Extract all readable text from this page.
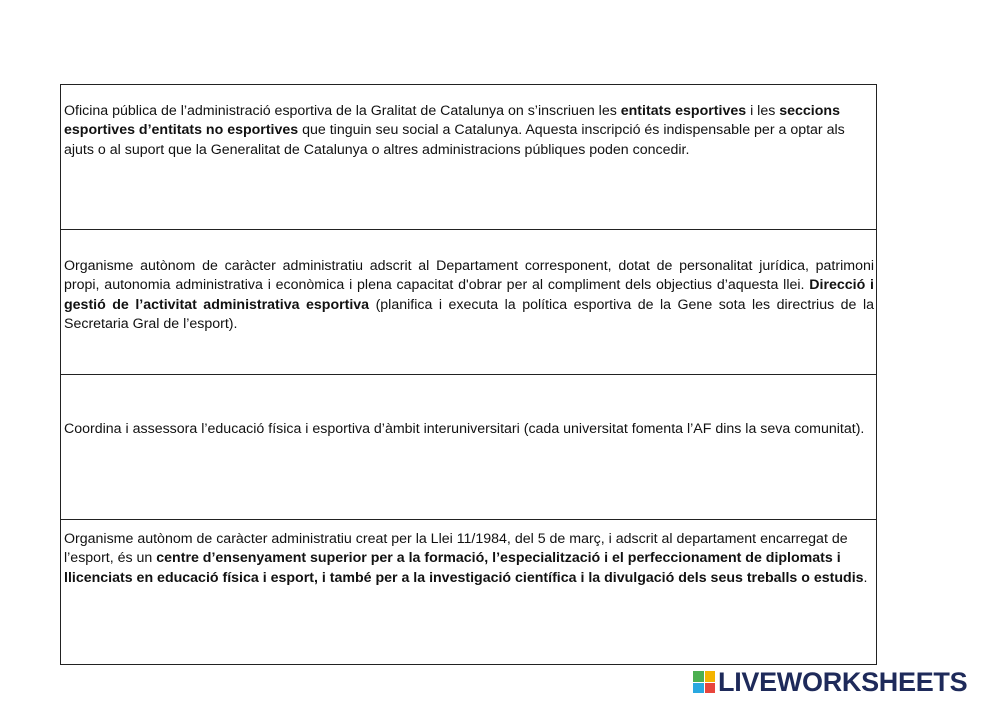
Oficina pública de l’administració esportiva de la Gralitat de Catalunya on s’inscriuen les entitats esportives i les seccions esportives d’entitats no esportives que tinguin seu social a Catalunya. Aquesta inscripció és indispensable per a optar als ajuts o al suport que la Generalitat de Catalunya o altres administracions públiques poden concedir.

Organisme autònom de caràcter administratiu adscrit al Departament corresponent, dotat de personalitat jurídica, patrimoni propi, autonomia administrativa i econòmica i plena capacitat d'obrar per al compliment dels objectius d’aquesta llei. Direcció i gestió de l’activitat administrativa esportiva (planifica i executa la política esportiva de la Gene sota les directrius de la Secretaria Gral de l’esport).

Coordina i assessora l’educació física i esportiva d’àmbit interuniversitari (cada universitat fomenta l’AF dins la seva comunitat).

Organisme autònom de caràcter administratiu creat per la Llei 11/1984, del 5 de març, i adscrit al departament encarregat de l’esport, és un centre d’ensenyament superior per a la formació, l’especialització i el perfeccionament de diplomats i llicenciats en educació física i esport, i també per a la investigació científica i la divulgació dels seus treballs o estudis.

LIVEWORKSHEETS
